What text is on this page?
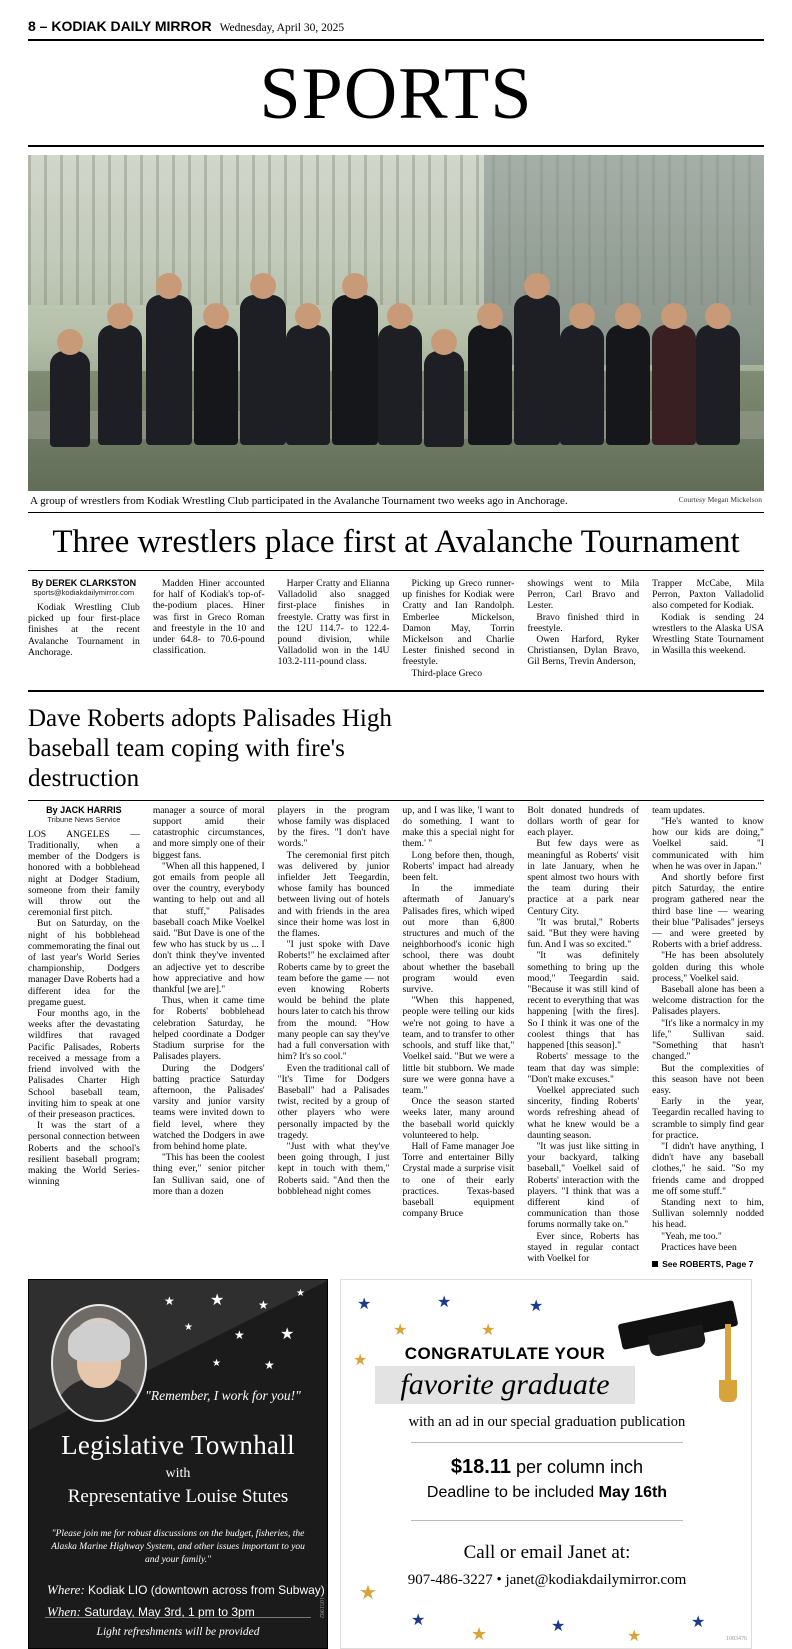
8 – KODIAK DAILY MIRROR Wednesday, April 30, 2025
SPORTS
A group of wrestlers from Kodiak Wrestling Club participated in the Avalanche Tournament two weeks ago in Anchorage.	Courtesy Megan Mickelson
Three wrestlers place first at Avalanche Tournament
By DEREK CLARKSTON
sports@kodiakdailymirror.com

Kodiak Wrestling Club picked up four first-place finishes at the recent Avalanche Tournament in Anchorage.

Madden Hiner accounted for half of Kodiak's top-of-the-podium places. Hiner was first in Greco Roman and freestyle in the 10 and under 64.8- to 70.6-pound classification.

Harper Cratty and Elianna Valladolid also snagged first-place finishes in freestyle. Cratty was first in the 12U 114.7- to 122.4-pound division, while Valladolid won in the 14U 103.2-111-pound class.

Picking up Greco runner-up finishes for Kodiak were Cratty and Ian Randolph. Emberlee Mickelson, Damon May, Torrin Mickelson and Charlie Lester finished second in freestyle.

Third-place Greco

showings went to Mila Perron, Carl Bravo and Lester.

Bravo finished third in freestyle.

Owen Harford, Ryker Christiansen, Dylan Bravo, Gil Berns, Trevin Anderson,

Trapper McCabe, Mila Perron, Paxton Valladolid also competed for Kodiak.

Kodiak is sending 24 wrestlers to the Alaska USA Wrestling State Tournament in Wasilla this weekend.

Dave Roberts adopts Palisades High baseball team coping with fire's destruction
By JACK HARRIS
Tribune News Service

LOS ANGELES — Traditionally, when a member of the Dodgers is honored with a bobblehead night at Dodger Stadium, someone from their family will throw out the ceremonial first pitch.

But on Saturday, on the night of his bobblehead commemorating the final out of last year's World Series championship, Dodgers manager Dave Roberts had a different idea for the pregame guest.

Four months ago, in the weeks after the devastating wildfires that ravaged Pacific Palisades, Roberts received a message from a friend involved with the Palisades Charter High School baseball team, inviting him to speak at one of their preseason practices.

It was the start of a personal connection between Roberts and the school's resilient baseball program; making the World Series-winning

manager a source of moral support amid their catastrophic circumstances, and more simply one of their biggest fans.

"When all this happened, I got emails from people all over the country, everybody wanting to help out and all that stuff," Palisades baseball coach Mike Voelkel said. "But Dave is one of the few who has stuck by us ... I don't think they've invented an adjective yet to describe how appreciative and how thankful [we are]."

Thus, when it came time for Roberts' bobblehead celebration Saturday, he helped coordinate a Dodger Stadium surprise for the Palisades players.

During the Dodgers' batting practice Saturday afternoon, the Palisades' varsity and junior varsity teams were invited down to field level, where they watched the Dodgers in awe from behind home plate.

"This has been the coolest thing ever," senior pitcher Ian Sullivan said, one of more than a dozen

players in the program whose family was displaced by the fires. "I don't have words."

The ceremonial first pitch was delivered by junior infielder Jett Teegardin, whose family has bounced between living out of hotels and with friends in the area since their home was lost in the flames.

"I just spoke with Dave Roberts!" he exclaimed after Roberts came by to greet the team before the game — not even knowing Roberts would be behind the plate hours later to catch his throw from the mound. "How many people can say they've had a full conversation with him? It's so cool."

Even the traditional call of "It's Time for Dodgers Baseball" had a Palisades twist, recited by a group of other players who were personally impacted by the tragedy.

"Just with what they've been going through, I just kept in touch with them," Roberts said. "And then the bobblehead night comes

up, and I was like, 'I want to do something. I want to make this a special night for them.' "

Long before then, though, Roberts' impact had already been felt.

In the immediate aftermath of January's Palisades fires, which wiped out more than 6,800 structures and much of the neighborhood's iconic high school, there was doubt about whether the baseball program would even survive.

"When this happened, people were telling our kids we're not going to have a team, and to transfer to other schools, and stuff like that," Voelkel said. "But we were a little bit stubborn. We made sure we were gonna have a team."

Once the season started weeks later, many around the baseball world quickly volunteered to help.

Hall of Fame manager Joe Torre and entertainer Billy Crystal made a surprise visit to one of their early practices. Texas-based baseball equipment company Bruce

Bolt donated hundreds of dollars worth of gear for each player.

But few days were as meaningful as Roberts' visit in late January, when he spent almost two hours with the team during their practice at a park near Century City.

"It was brutal," Roberts said. "But they were having fun. And I was so excited."

"It was definitely something to bring up the mood," Teegardin said. "Because it was still kind of recent to everything that was happening [with the fires]. So I think it was one of the coolest things that has happened [this season]."

Roberts' message to the team that day was simple: "Don't make excuses."

Voelkel appreciated such sincerity, finding Roberts' words refreshing ahead of what he knew would be a daunting season.

"It was just like sitting in your backyard, talking baseball," Voelkel said of Roberts' interaction with the players. "I think that was a different kind of communication than those forums normally take on."

Ever since, Roberts has stayed in regular contact with Voelkel for

team updates.

"He's wanted to know how our kids are doing," Voelkel said. "I communicated with him when he was over in Japan."

And shortly before first pitch Saturday, the entire program gathered near the third base line — wearing their blue "Palisades" jerseys — and were greeted by Roberts with a brief address.

"He has been absolutely golden during this whole process," Voelkel said.

Baseball alone has been a welcome distraction for the Palisades players.

"It's like a normalcy in my life," Sullivan said. "Something that hasn't changed."

But the complexities of this season have not been easy.

Early in the year, Teegardin recalled having to scramble to simply find gear for practice.

"I didn't have anything, I didn't have any baseball clothes," he said. "So my friends came and dropped me off some stuff."

Standing next to him, Sullivan solemnly nodded his head.

"Yeah, me too."

Practices have been

See ROBERTS, Page 7
★ ★	★
★
★
★ ★
★	★
"Remember, I work for you!"
Legislative Townhall
with
Representative Louise Stutes
"Please join me for robust discussions on the budget, fisheries, the Alaska Marine Highway System, and other issues important to you and your family."
Where: Kodiak LIO (downtown across from Subway)
When: Saturday, May 3rd, 1 pm to 3pm
Light refreshments will be provided
1051982
★
★
★
★
★
★
★
★
★	★
★
★
CONGRATULATE YOUR
favorite graduate
with an ad in our special graduation publication
$18.11 per column inch
Deadline to be included May 16th
Call or email Janet at:
907-486-3227 • janet@kodiakdailymirror.com
1083476
